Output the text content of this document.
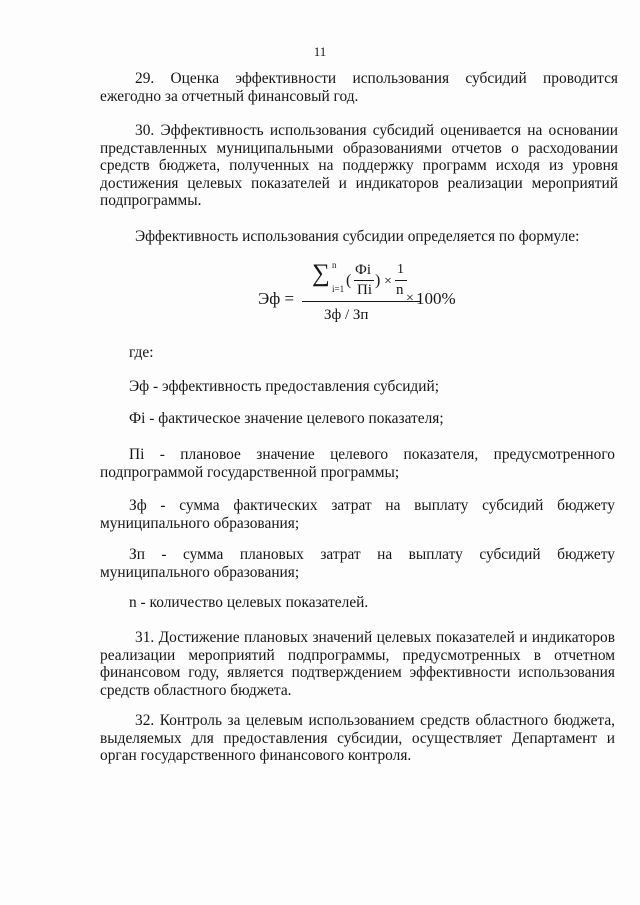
11

29. Оценка эффективности использования субсидий проводится ежегодно за отчетный финансовый год.

30. Эффективность использования субсидий оценивается на основании представленных муниципальными образованиями отчетов о расходовании средств бюджета, полученных на поддержку программ исходя из уровня достижения целевых показателей и индикаторов реализации мероприятий подпрограммы.

Эффективность использования субсидии определяется по формуле:

Эф =
∑ n
i=1 (
Фi
Пi
) ×
1
n
Зф / Зп
× 100%

где:

Эф - эффективность предоставления субсидий;

Фi - фактическое значение целевого показателя;

Пi - плановое значение целевого показателя, предусмотренного подпрограммой государственной программы;

Зф - сумма фактических затрат на выплату субсидий бюджету муниципального образования;

Зп - сумма плановых затрат на выплату субсидий бюджету муниципального образования;

n - количество целевых показателей.

31. Достижение плановых значений целевых показателей и индикаторов реализации мероприятий подпрограммы, предусмотренных в отчетном финансовом году, является подтверждением эффективности использования средств областного бюджета.

32. Контроль за целевым использованием средств областного бюджета, выделяемых для предоставления субсидии, осуществляет Департамент и орган государственного финансового контроля.
